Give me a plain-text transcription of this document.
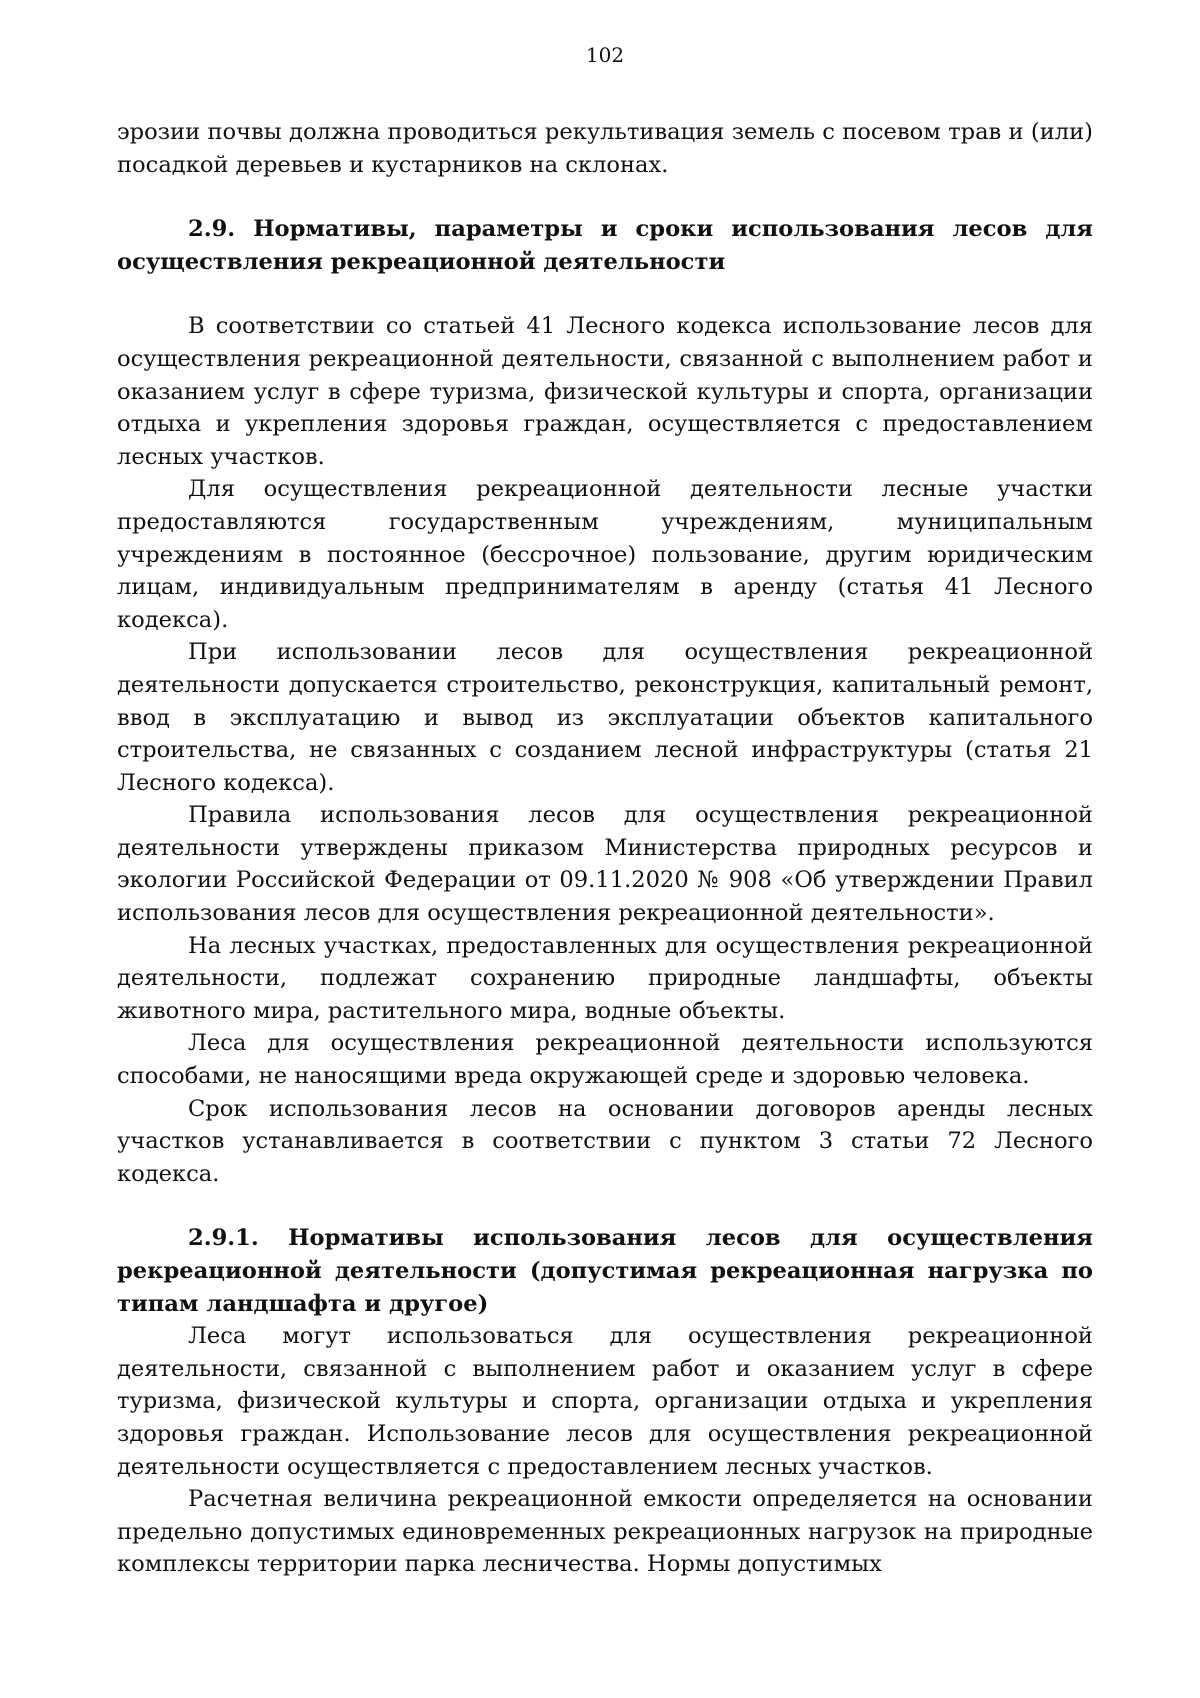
102

эрозии почвы должна проводиться рекультивация земель с посевом трав и (или) посадкой деревьев и кустарников на склонах.

2.9. Нормативы, параметры и сроки использования лесов для осуществления рекреационной деятельности

В соответствии со статьей 41 Лесного кодекса использование лесов для осуществления рекреационной деятельности, связанной с выполнением работ и оказанием услуг в сфере туризма, физической культуры и спорта, организации отдыха и укрепления здоровья граждан, осуществляется с предоставлением лесных участков.

Для осуществления рекреационной деятельности лесные участки предоставляются государственным учреждениям, муниципальным учреждениям в постоянное (бессрочное) пользование, другим юридическим лицам, индивидуальным предпринимателям в аренду (статья 41 Лесного кодекса).

При использовании лесов для осуществления рекреационной деятельности допускается строительство, реконструкция, капитальный ремонт, ввод в эксплуатацию и вывод из эксплуатации объектов капитального строительства, не связанных с созданием лесной инфраструктуры (статья 21 Лесного кодекса).

Правила использования лесов для осуществления рекреационной деятельности утверждены приказом Министерства природных ресурсов и экологии Российской Федерации от 09.11.2020 № 908 «Об утверждении Правил использования лесов для осуществления рекреационной деятельности».

На лесных участках, предоставленных для осуществления рекреационной деятельности, подлежат сохранению природные ландшафты, объекты животного мира, растительного мира, водные объекты.

Леса для осуществления рекреационной деятельности используются способами, не наносящими вреда окружающей среде и здоровью человека.

Срок использования лесов на основании договоров аренды лесных участков устанавливается в соответствии с пунктом 3 статьи 72 Лесного кодекса.

2.9.1. Нормативы использования лесов для осуществления рекреационной деятельности (допустимая рекреационная нагрузка по типам ландшафта и другое)

Леса могут использоваться для осуществления рекреационной деятельности, связанной с выполнением работ и оказанием услуг в сфере туризма, физической культуры и спорта, организации отдыха и укрепления здоровья граждан. Использование лесов для осуществления рекреационной деятельности осуществляется с предоставлением лесных участков.

Расчетная величина рекреационной емкости определяется на основании предельно допустимых единовременных рекреационных нагрузок на природные комплексы территории парка лесничества. Нормы допустимых
